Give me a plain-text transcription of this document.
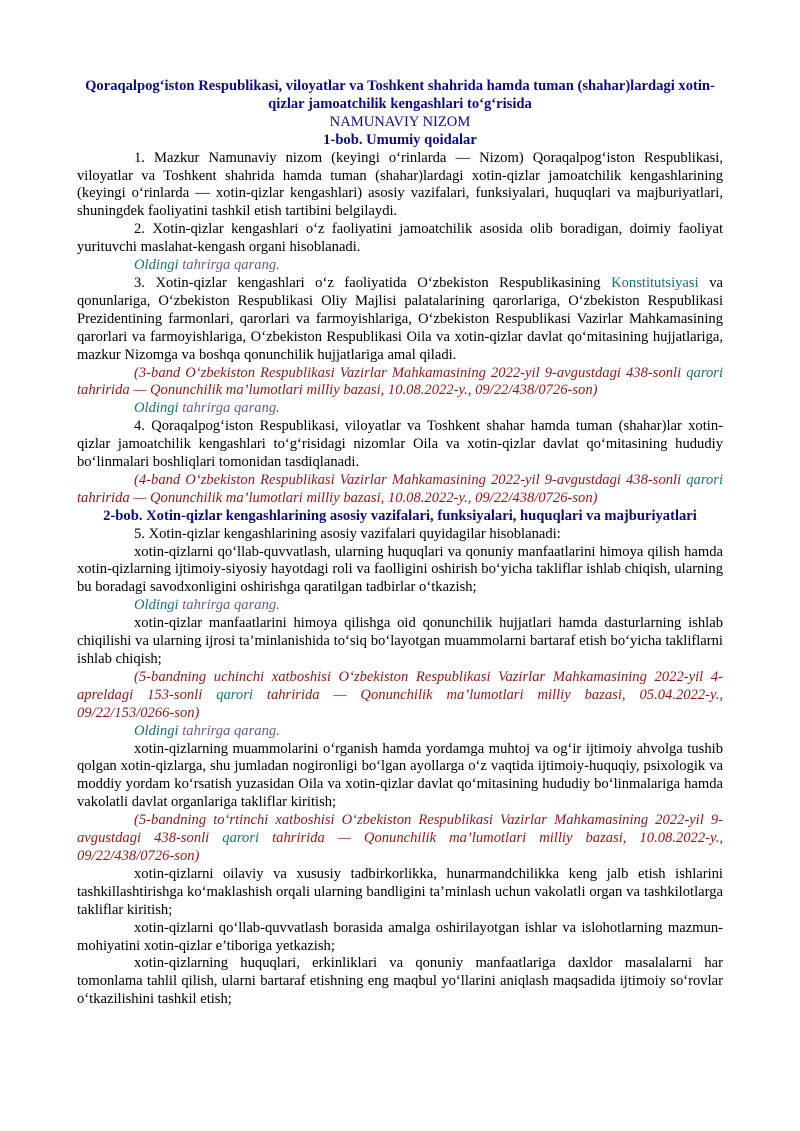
Qoraqalpog‘iston Respublikasi, viloyatlar va Toshkent shahrida hamda tuman (shahar)lardagi xotin-qizlar jamoatchilik kengashlari to‘g‘risida

NAMUNAVIY NIZOM

1-bob. Umumiy qoidalar

1. Mazkur Namunaviy nizom (keyingi o‘rinlarda — Nizom) Qoraqalpog‘iston Respublikasi, viloyatlar va Toshkent shahrida hamda tuman (shahar)lardagi xotin-qizlar jamoatchilik kengashlarining (keyingi o‘rinlarda — xotin-qizlar kengashlari) asosiy vazifalari, funksiyalari, huquqlari va majburiyatlari, shuningdek faoliyatini tashkil etish tartibini belgilaydi.

2. Xotin-qizlar kengashlari o‘z faoliyatini jamoatchilik asosida olib boradigan, doimiy faoliyat yurituvchi maslahat-kengash organi hisoblanadi.

Oldingi tahrirga qarang.

3. Xotin-qizlar kengashlari o‘z faoliyatida O‘zbekiston Respublikasining Konstitutsiyasi va qonunlariga, O‘zbekiston Respublikasi Oliy Majlisi palatalarining qarorlariga, O‘zbekiston Respublikasi Prezidentining farmonlari, qarorlari va farmoyishlariga, O‘zbekiston Respublikasi Vazirlar Mahkamasining qarorlari va farmoyishlariga, O‘zbekiston Respublikasi Oila va xotin-qizlar davlat qo‘mitasining hujjatlariga, mazkur Nizomga va boshqa qonunchilik hujjatlariga amal qiladi.

(3-band O‘zbekiston Respublikasi Vazirlar Mahkamasining 2022-yil 9-avgustdagi 438-sonli qarori tahririda — Qonunchilik ma’lumotlari milliy bazasi, 10.08.2022-y., 09/22/438/0726-son)

Oldingi tahrirga qarang.

4. Qoraqalpog‘iston Respublikasi, viloyatlar va Toshkent shahar hamda tuman (shahar)lar xotin-qizlar jamoatchilik kengashlari to‘g‘risidagi nizomlar Oila va xotin-qizlar davlat qo‘mitasining hududiy bo‘linmalari boshliqlari tomonidan tasdiqlanadi.

(4-band O‘zbekiston Respublikasi Vazirlar Mahkamasining 2022-yil 9-avgustdagi 438-sonli qarori tahririda — Qonunchilik ma’lumotlari milliy bazasi, 10.08.2022-y., 09/22/438/0726-son)

2-bob. Xotin-qizlar kengashlarining asosiy vazifalari, funksiyalari, huquqlari va majburiyatlari

5. Xotin-qizlar kengashlarining asosiy vazifalari quyidagilar hisoblanadi:

xotin-qizlarni qo‘llab-quvvatlash, ularning huquqlari va qonuniy manfaatlarini himoya qilish hamda xotin-qizlarning ijtimoiy-siyosiy hayotdagi roli va faolligini oshirish bo‘yicha takliflar ishlab chiqish, ularning bu boradagi savodxonligini oshirishga qaratilgan tadbirlar o‘tkazish;

Oldingi tahrirga qarang.

xotin-qizlar manfaatlarini himoya qilishga oid qonunchilik hujjatlari hamda dasturlarning ishlab chiqilishi va ularning ijrosi ta’minlanishida to‘siq bo‘layotgan muammolarni bartaraf etish bo‘yicha takliflarni ishlab chiqish;

(5-bandning uchinchi xatboshisi O‘zbekiston Respublikasi Vazirlar Mahkamasining 2022-yil 4-apreldagi 153-sonli qarori tahririda — Qonunchilik ma’lumotlari milliy bazasi, 05.04.2022-y., 09/22/153/0266-son)

Oldingi tahrirga qarang.

xotin-qizlarning muammolarini o‘rganish hamda yordamga muhtoj va og‘ir ijtimoiy ahvolga tushib qolgan xotin-qizlarga, shu jumladan nogironligi bo‘lgan ayollarga o‘z vaqtida ijtimoiy-huquqiy, psixologik va moddiy yordam ko‘rsatish yuzasidan Oila va xotin-qizlar davlat qo‘mitasining hududiy bo‘linmalariga hamda vakolatli davlat organlariga takliflar kiritish;

(5-bandning to‘rtinchi xatboshisi O‘zbekiston Respublikasi Vazirlar Mahkamasining 2022-yil 9-avgustdagi 438-sonli qarori tahririda — Qonunchilik ma’lumotlari milliy bazasi, 10.08.2022-y., 09/22/438/0726-son)

xotin-qizlarni oilaviy va xususiy tadbirkorlikka, hunarmandchilikka keng jalb etish ishlarini tashkillashtirishga ko‘maklashish orqali ularning bandligini ta’minlash uchun vakolatli organ va tashkilotlarga takliflar kiritish;

xotin-qizlarni qo‘llab-quvvatlash borasida amalga oshirilayotgan ishlar va islohotlarning mazmun-mohiyatini xotin-qizlar e’tiboriga yetkazish;

xotin-qizlarning huquqlari, erkinliklari va qonuniy manfaatlariga daxldor masalalarni har tomonlama tahlil qilish, ularni bartaraf etishning eng maqbul yo‘llarini aniqlash maqsadida ijtimoiy so‘rovlar o‘tkazilishini tashkil etish;
